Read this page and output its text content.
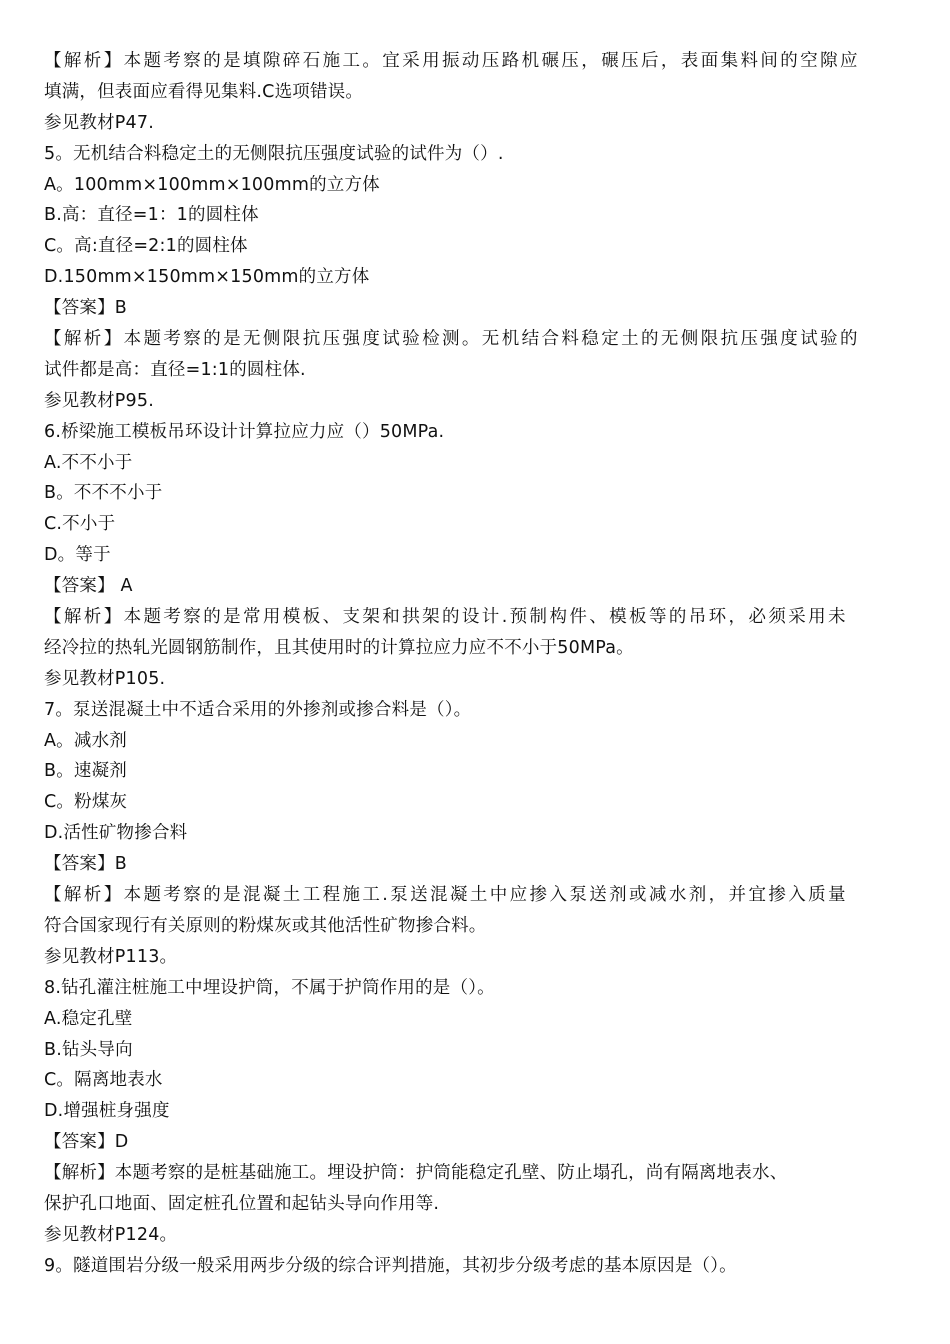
【解析】本题考察的是填隙碎石施工。宜采用振动压路机碾压，碾压后，表面集料间的空隙应
填满，但表面应看得见集料.C选项错误。
参见教材P47.
5。无机结合料稳定土的无侧限抗压强度试验的试件为（）.
A。100mm×100mm×100mm的立方体
B.高：直径=1：1的圆柱体
C。高:直径=2:1的圆柱体
D.150mm×150mm×150mm的立方体
【答案】B
【解析】本题考察的是无侧限抗压强度试验检测。无机结合料稳定土的无侧限抗压强度试验的
试件都是高：直径=1:1的圆柱体.
参见教材P95.
6.桥梁施工模板吊环设计计算拉应力应（）50MPa.
A.不不小于
B。不不不小于
C.不小于
D。等于
【答案】 A
【解析】本题考察的是常用模板、支架和拱架的设计.预制构件、模板等的吊环，必须采用未
经冷拉的热轧光圆钢筋制作，且其使用时的计算拉应力应不不小于50MPa。
参见教材P105.
7。泵送混凝土中不适合采用的外掺剂或掺合料是（）。
A。减水剂
B。速凝剂
C。粉煤灰
D.活性矿物掺合料
【答案】B
【解析】本题考察的是混凝土工程施工.泵送混凝土中应掺入泵送剂或减水剂，并宜掺入质量
符合国家现行有关原则的粉煤灰或其他活性矿物掺合料。
参见教材P113。
8.钻孔灌注桩施工中埋设护筒，不属于护筒作用的是（）。
A.稳定孔壁
B.钻头导向
C。隔离地表水
D.增强桩身强度
【答案】D
【解析】本题考察的是桩基础施工。埋设护筒：护筒能稳定孔壁、防止塌孔，尚有隔离地表水、
保护孔口地面、固定桩孔位置和起钻头导向作用等.
参见教材P124。
9。隧道围岩分级一般采用两步分级的综合评判措施，其初步分级考虑的基本原因是（）。
